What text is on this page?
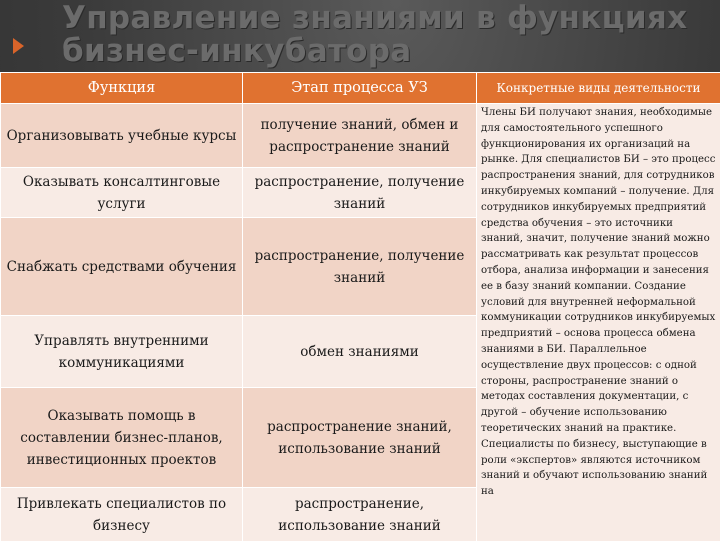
Управление знаниями в функциях
бизнес-инкубатора
Функция	Этап процесса УЗ	Конкретные виды деятельности
Организовывать учебные курсы	получение знаний, обмен и распространение знаний	Члены БИ получают знания, необходимые для самостоятельного успешного функционирования их организаций на рынке. Для специалистов БИ – это процесс распространения знаний, для сотрудников инкубируемых компаний – получение. Для сотрудников инкубируемых предприятий средства обучения – это источники знаний, значит, получение знаний можно рассматривать как результат процессов отбора, анализа информации и занесения ее в базу знаний компании. Создание условий для внутренней неформальной коммуникации сотрудников инкубируемых предприятий – основа процесса обмена знаниями в БИ. Параллельное осуществление двух процессов: с одной стороны, распространение знаний о методах составления документации, с другой – обучение использованию теоретических знаний на практике. Специалисты по бизнесу, выступающие в роли «экспертов» являются источником знаний и обучают использованию знаний на
Оказывать консалтинговые услуги	распространение, получение знаний	
Снабжать средствами обучения	распространение, получение знаний	
Управлять внутренними коммуникациями	обмен знаниями	
Оказывать помощь в составлении бизнес-планов, инвестиционных проектов	распространение знаний, использование знаний	
Привлекать специалистов по бизнесу	распространение, использование знаний	
